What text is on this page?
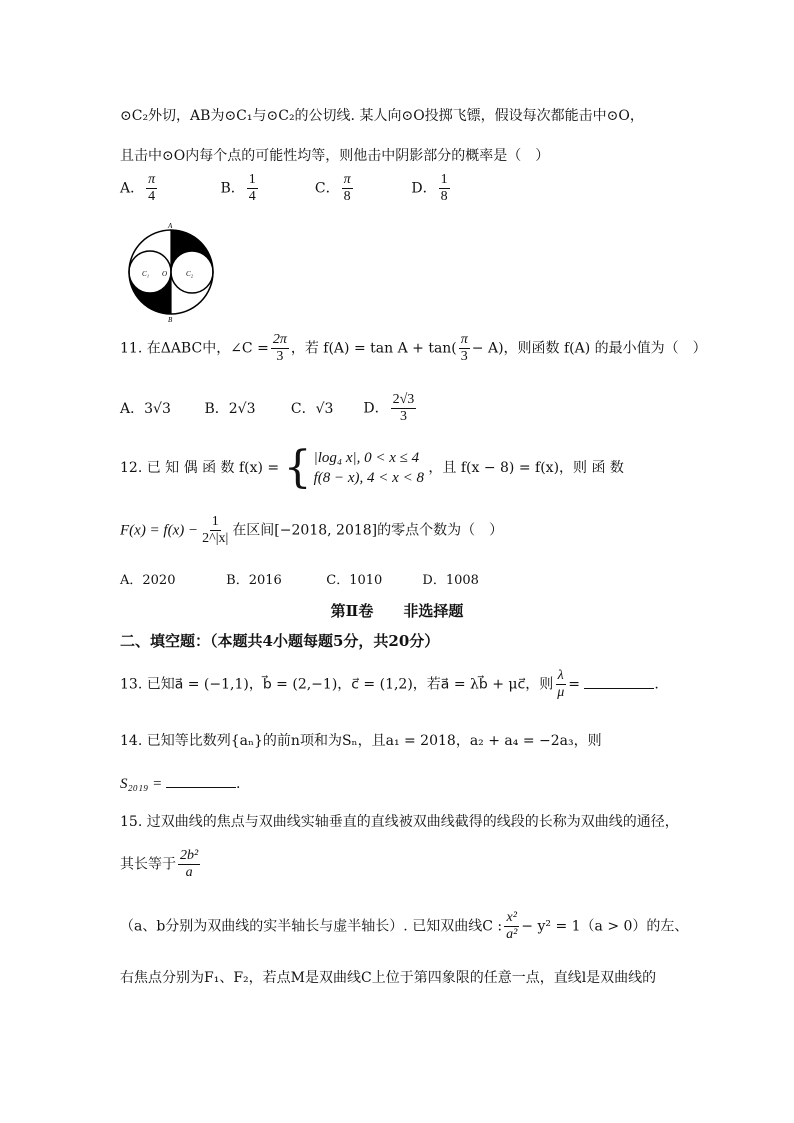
⊙C₂外切，AB为⊙C₁与⊙C₂的公切线. 某人向⊙O投掷飞镖，假设每次都能击中⊙O，
且击中⊙O内每个点的可能性均等，则他击中阴影部分的概率是（　）
A． $\frac{\pi}{4}$	B． $\frac{1}{4}$	C． $\frac{\pi}{8}$	D． $\frac{1}{8}$
A
B
C₁ O	C₂
11. 在ΔABC中，∠C = $\frac{2\pi}{3}$ ，若 $f(A) = \tan A + \tan( \frac{\pi}{3} - A)$，则函数 f(A) 的最小值为（　）
A．3√3 B．2√3	C．√3 D． $\frac{2√3}{3}$
12. 已 知 偶 函 数 f(x) = { |log₄ x|, 0 < x ≤ 4
f(8 − x), 4 < x < 8
，且 f(x − 8) = f(x)，则 函 数
$F(x) = f(x) - \frac{1}{2\^{}|x|}$ 在区间[−2018, 2018]的零点个数为（　）
A．2020	B．2016	C．1010	D．1008
第Ⅱ卷　　非选择题
二、填空题：（本题共4小题每题5分，共20分）
13. 已知a⃗ = (−1,1)，b⃗ = (2,−1)，c⃗ = (1,2)，若a⃗ = λb⃗ + μc⃗，则 $\frac{\lambda}{\mu}$ =	.
14. 已知等比数列{aₙ}的前n项和为Sₙ，且a₁ = 2018，a₂ + a₄ = −2a₃，则
S₂₀₁₉ =	.
15. 过双曲线的焦点与双曲线实轴垂直的直线被双曲线截得的线段的长称为双曲线的通径，
其长等于 $\frac{\text{2b²}}{a}$
（a、b分别为双曲线的实半轴长与虚半轴长）. 已知双曲线C : $\frac{\text{x²}}{\text{a²}} - y^2 = 1(a > 0)$的左、
右焦点分别为F₁、F₂，若点M是双曲线C上位于第四象限的任意一点，直线l是双曲线的
